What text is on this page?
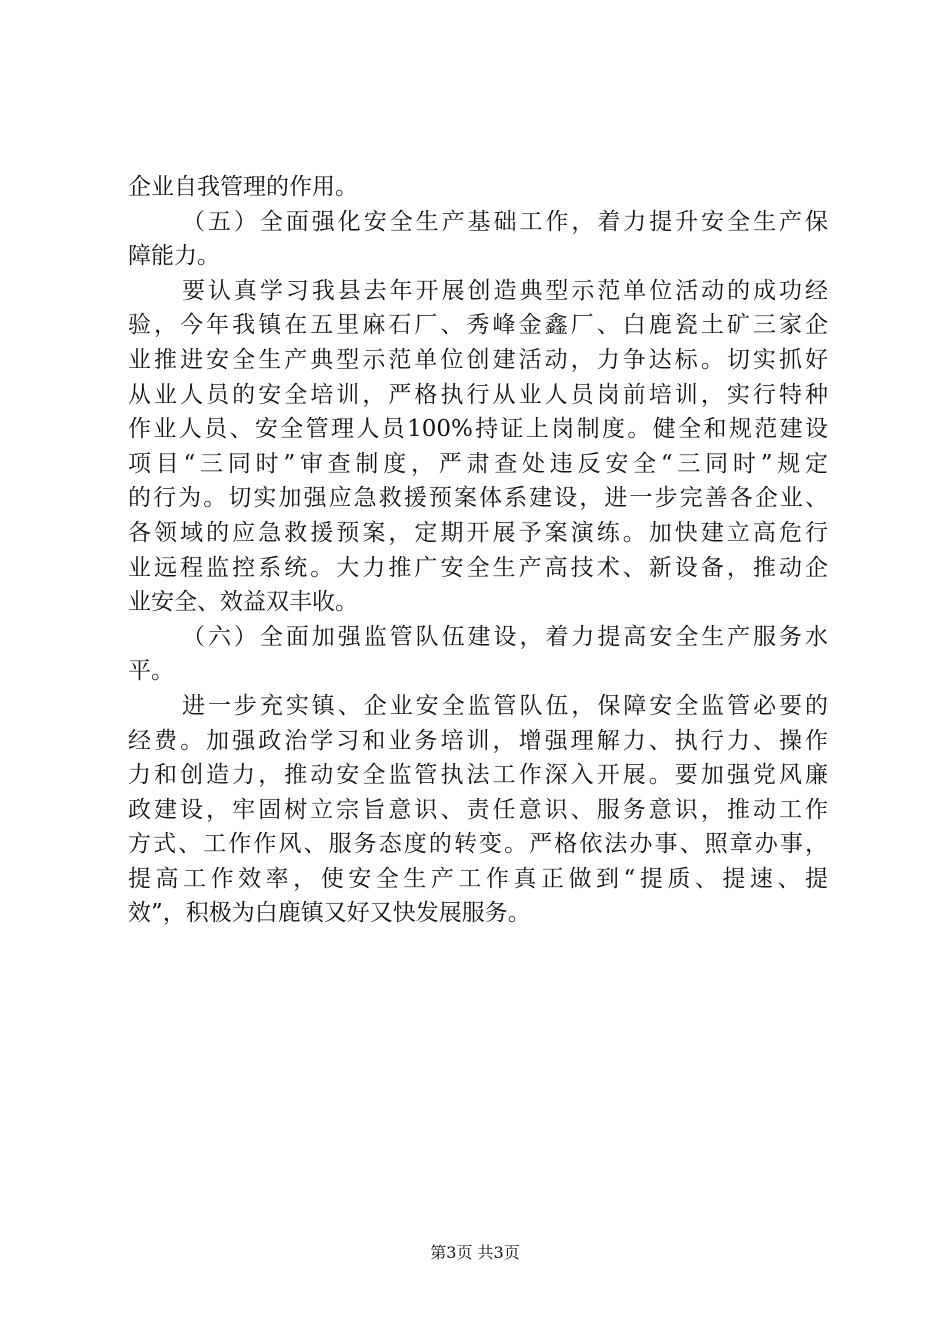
企业自我管理的作用。
（五）全面强化安全生产基础工作，着力提升安全生产保
障能力。
要认真学习我县去年开展创造典型示范单位活动的成功经
验，今年我镇在五里麻石厂、秀峰金鑫厂、白鹿瓷土矿三家企
业推进安全生产典型示范单位创建活动，力争达标。切实抓好
从业人员的安全培训，严格执行从业人员岗前培训，实行特种
作业人员、安全管理人员100%持证上岗制度。健全和规范建设
项目“三同时”审查制度，严肃查处违反安全“三同时”规定
的行为。切实加强应急救援预案体系建设，进一步完善各企业、
各领域的应急救援预案，定期开展予案演练。加快建立高危行
业远程监控系统。大力推广安全生产高技术、新设备，推动企
业安全、效益双丰收。
（六）全面加强监管队伍建设，着力提高安全生产服务水
平。
进一步充实镇、企业安全监管队伍，保障安全监管必要的
经费。加强政治学习和业务培训，增强理解力、执行力、操作
力和创造力，推动安全监管执法工作深入开展。要加强党风廉
政建设，牢固树立宗旨意识、责任意识、服务意识，推动工作
方式、工作作风、服务态度的转变。严格依法办事、照章办事，
提高工作效率，使安全生产工作真正做到“提质、提速、提
效”，积极为白鹿镇又好又快发展服务。
第3页 共3页
